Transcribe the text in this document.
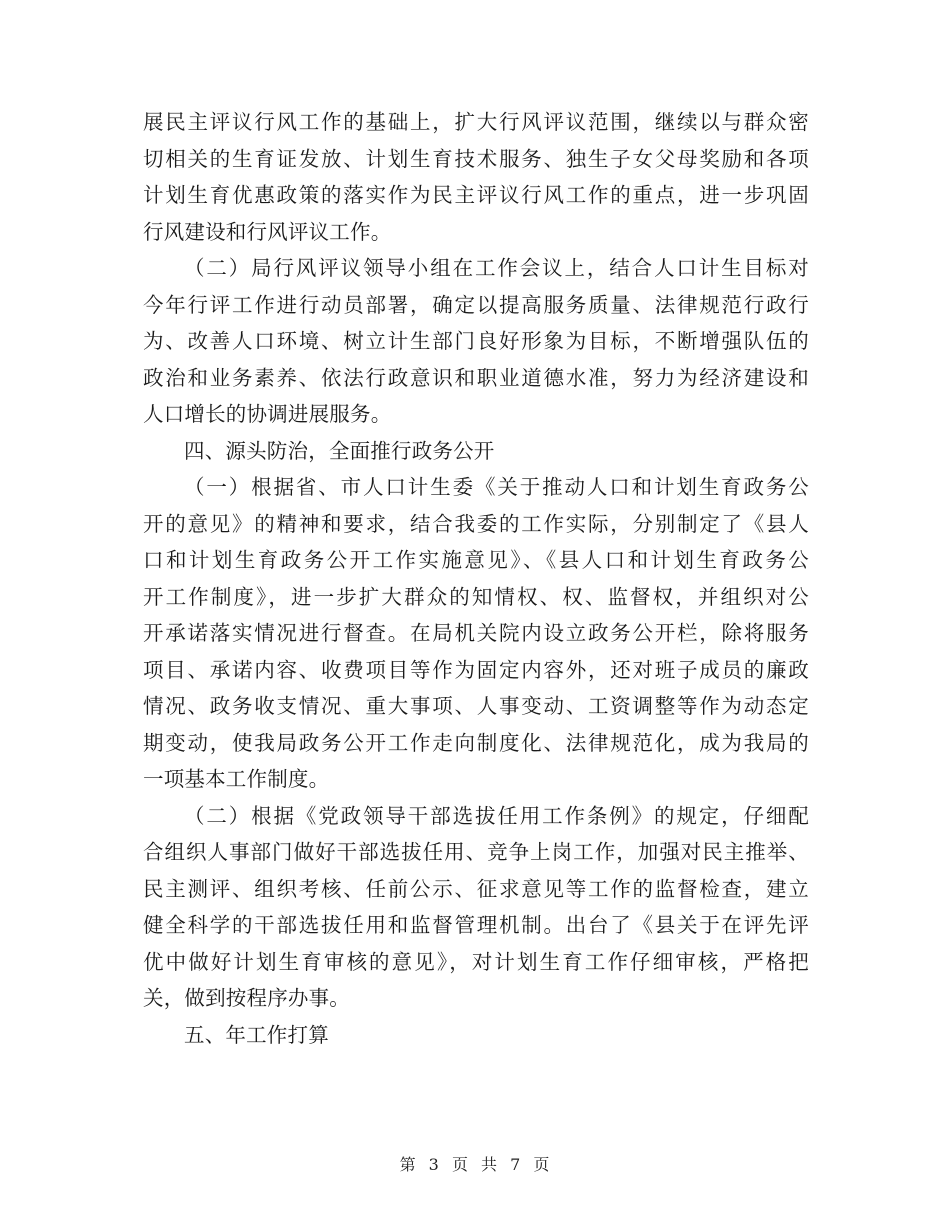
展民主评议行风工作的基础上，扩大行风评议范围，继续以与群众密
切相关的生育证发放、计划生育技术服务、独生子女父母奖励和各项
计划生育优惠政策的落实作为民主评议行风工作的重点，进一步巩固
行风建设和行风评议工作。
（二）局行风评议领导小组在工作会议上，结合人口计生目标对
今年行评工作进行动员部署，确定以提高服务质量、法律规范行政行
为、改善人口环境、树立计生部门良好形象为目标，不断增强队伍的
政治和业务素养、依法行政意识和职业道德水准，努力为经济建设和
人口增长的协调进展服务。
四、源头防治，全面推行政务公开
（一）根据省、市人口计生委《关于推动人口和计划生育政务公
开的意见》的精神和要求，结合我委的工作实际，分别制定了《县人
口和计划生育政务公开工作实施意见》、《县人口和计划生育政务公
开工作制度》，进一步扩大群众的知情权、权、监督权，并组织对公
开承诺落实情况进行督查。在局机关院内设立政务公开栏，除将服务
项目、承诺内容、收费项目等作为固定内容外，还对班子成员的廉政
情况、政务收支情况、重大事项、人事变动、工资调整等作为动态定
期变动，使我局政务公开工作走向制度化、法律规范化，成为我局的
一项基本工作制度。
（二）根据《党政领导干部选拔任用工作条例》的规定，仔细配
合组织人事部门做好干部选拔任用、竞争上岗工作，加强对民主推举、
民主测评、组织考核、任前公示、征求意见等工作的监督检查，建立
健全科学的干部选拔任用和监督管理机制。出台了《县关于在评先评
优中做好计划生育审核的意见》，对计划生育工作仔细审核，严格把
关，做到按程序办事。
五、年工作打算
第 3 页 共 7 页
